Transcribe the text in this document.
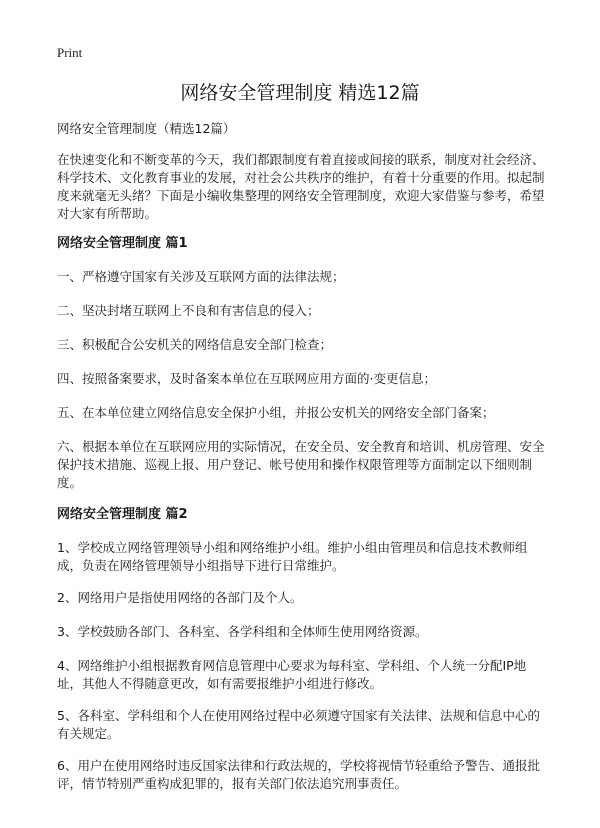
Print
网络安全管理制度 精选12篇

网络安全管理制度（精选12篇）

在快速变化和不断变革的今天，我们都跟制度有着直接或间接的联系，制度对社会经济、科学技术、文化教育事业的发展，对社会公共秩序的维护，有着十分重要的作用。拟起制度来就毫无头绪？下面是小编收集整理的网络安全管理制度，欢迎大家借鉴与参考，希望对大家有所帮助。

网络安全管理制度 篇1

一、严格遵守国家有关涉及互联网方面的法律法规；

二、坚决封堵互联网上不良和有害信息的侵入；

三、积极配合公安机关的网络信息安全部门检查；

四、按照备案要求，及时备案本单位在互联网应用方面的·变更信息；

五、在本单位建立网络信息安全保护小组，并报公安机关的网络安全部门备案；

六、根据本单位在互联网应用的实际情况，在安全员、安全教育和培训、机房管理、安全保护技术措施、巡视上报、用户登记、帐号使用和操作权限管理等方面制定以下细则制度。

网络安全管理制度 篇2

1、学校成立网络管理领导小组和网络维护小组。维护小组由管理员和信息技术教师组成，负责在网络管理领导小组指导下进行日常维护。

2、网络用户是指使用网络的各部门及个人。

3、学校鼓励各部门、各科室、各学科组和全体师生使用网络资源。

4、网络维护小组根据教育网信息管理中心要求为每科室、学科组、个人统一分配IP地址，其他人不得随意更改，如有需要报维护小组进行修改。

5、各科室、学科组和个人在使用网络过程中必须遵守国家有关法律、法规和信息中心的有关规定。

6、用户在使用网络时违反国家法律和行政法规的，学校将视情节轻重给予警告、通报批评，情节特别严重构成犯罪的，报有关部门依法追究刑事责任。
